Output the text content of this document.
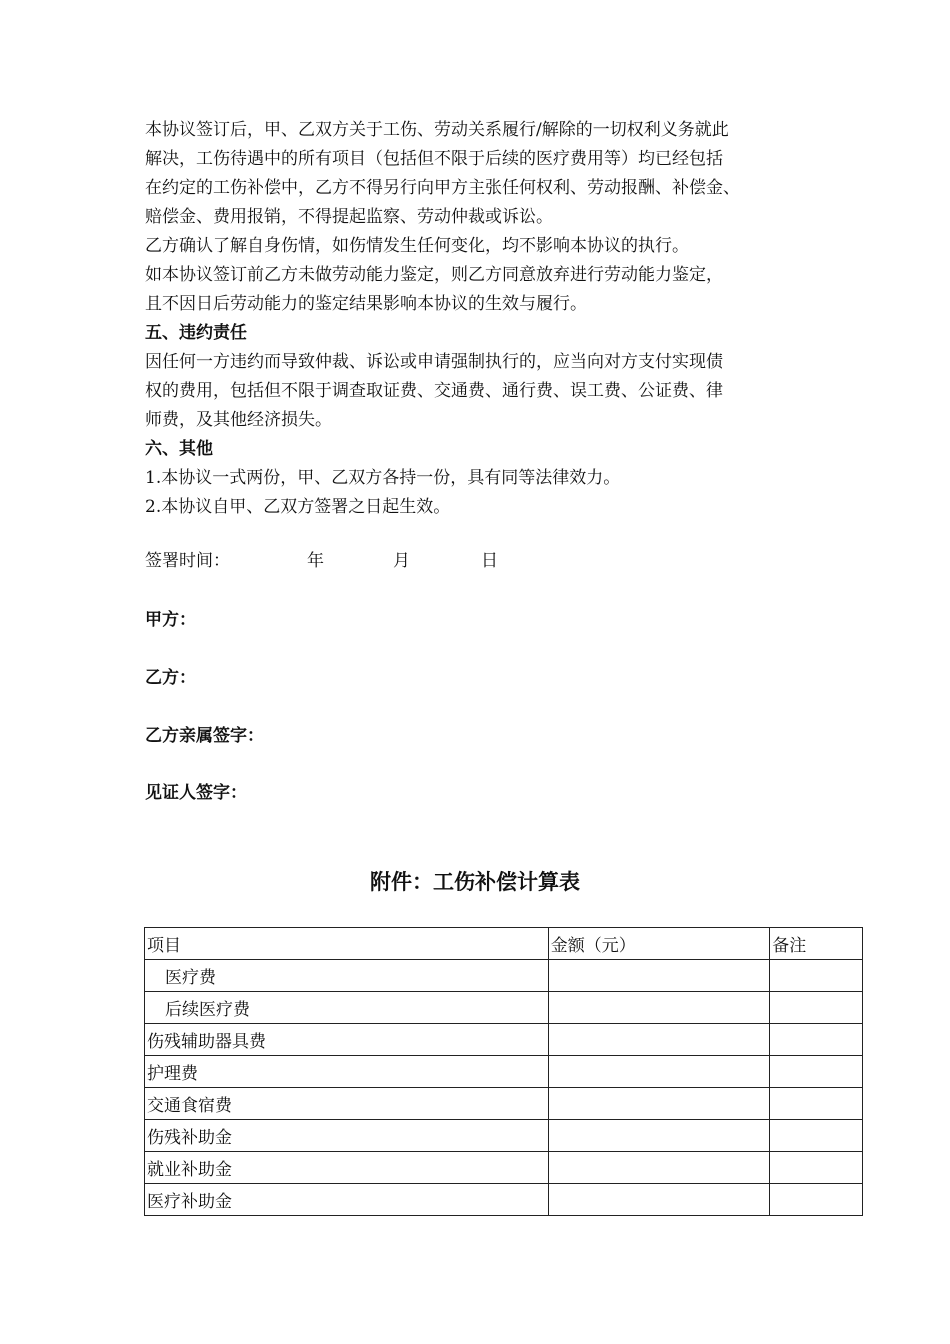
本协议签订后，甲、乙双方关于工伤、劳动关系履行/解除的一切权利义务就此

解决，工伤待遇中的所有项目（包括但不限于后续的医疗费用等）均已经包括

在约定的工伤补偿中，乙方不得另行向甲方主张任何权利、劳动报酬、补偿金、

赔偿金、费用报销，不得提起监察、劳动仲裁或诉讼。

乙方确认了解自身伤情，如伤情发生任何变化，均不影响本协议的执行。

如本协议签订前乙方未做劳动能力鉴定，则乙方同意放弃进行劳动能力鉴定，

且不因日后劳动能力的鉴定结果影响本协议的生效与履行。

五、违约责任

因任何一方违约而导致仲裁、诉讼或申请强制执行的，应当向对方支付实现债

权的费用，包括但不限于调查取证费、交通费、通行费、误工费、公证费、律

师费，及其他经济损失。

六、其他

1.本协议一式两份，甲、乙双方各持一份，具有同等法律效力。

2.本协议自甲、乙双方签署之日起生效。

签署时间：	年	月	日
甲方：
乙方：
乙方亲属签字：
见证人签字：
附件：工伤补偿计算表
项目	金额（元）	备注
医疗费		
后续医疗费		
伤残辅助器具费		
护理费		
交通食宿费		
伤残补助金		
就业补助金		
医疗补助金		
